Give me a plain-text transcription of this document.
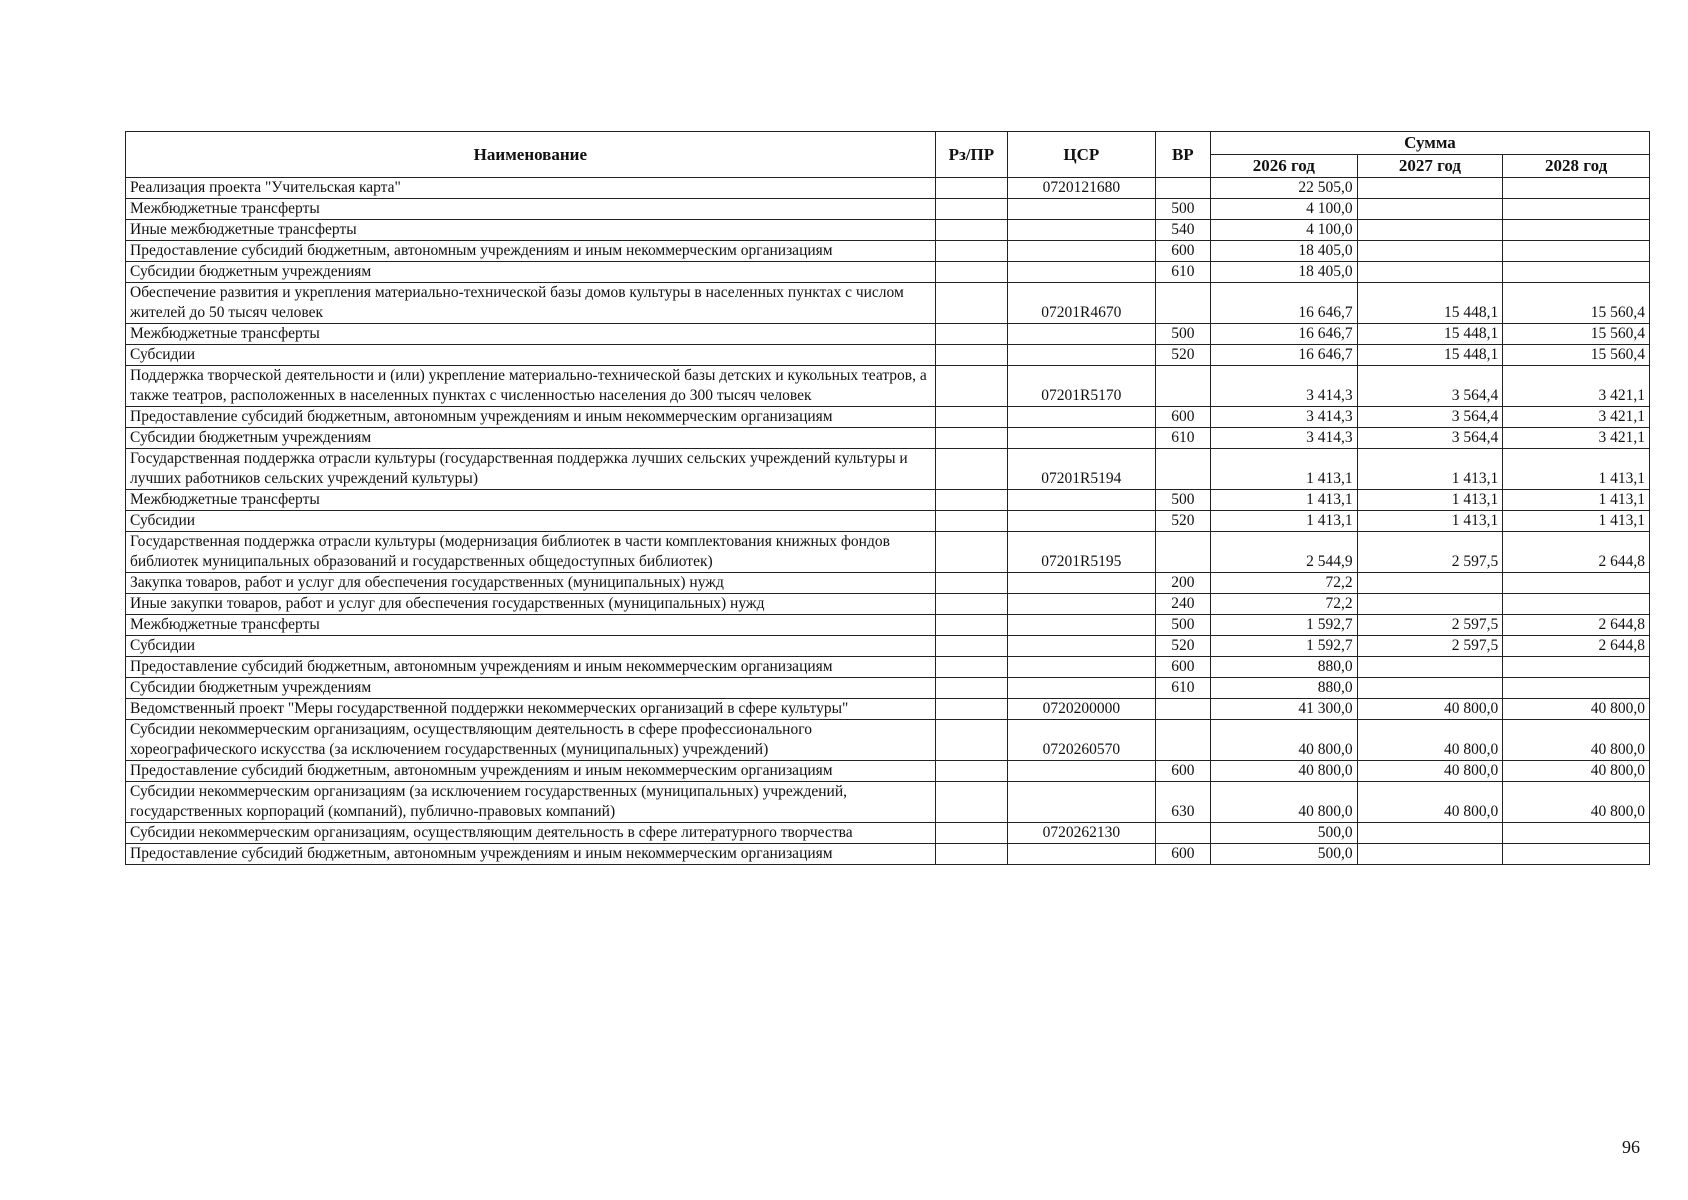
Наименование	Рз/ПР	ЦСР	ВР	Сумма		
				2026 год	2027 год	2028 год
Реализация проекта "Учительская карта"		0720121680		22 505,0		
Межбюджетные трансферты			500	4 100,0		
Иные межбюджетные трансферты			540	4 100,0		
Предоставление субсидий бюджетным, автономным учреждениям и иным некоммерческим организациям			600	18 405,0		
Субсидии бюджетным учреждениям			610	18 405,0		
Обеспечение развития и укрепления материально-технической базы домов культуры в населенных пунктах с числом жителей до 50 тысяч человек		07201R4670		16 646,7	15 448,1	15 560,4
Межбюджетные трансферты			500	16 646,7	15 448,1	15 560,4
Субсидии			520	16 646,7	15 448,1	15 560,4
Поддержка творческой деятельности и (или) укрепление материально-технической базы детских и кукольных театров, а также театров, расположенных в населенных пунктах с численностью населения до 300 тысяч человек		07201R5170		3 414,3	3 564,4	3 421,1
Предоставление субсидий бюджетным, автономным учреждениям и иным некоммерческим организациям			600	3 414,3	3 564,4	3 421,1
Субсидии бюджетным учреждениям			610	3 414,3	3 564,4	3 421,1
Государственная поддержка отрасли культуры (государственная поддержка лучших сельских учреждений культуры и лучших работников сельских учреждений культуры)		07201R5194		1 413,1	1 413,1	1 413,1
Межбюджетные трансферты			500	1 413,1	1 413,1	1 413,1
Субсидии			520	1 413,1	1 413,1	1 413,1
Государственная поддержка отрасли культуры (модернизация библиотек в части комплектования книжных фондов библиотек муниципальных образований и государственных общедоступных библиотек)		07201R5195		2 544,9	2 597,5	2 644,8
Закупка товаров, работ и услуг для обеспечения государственных (муниципальных) нужд			200	72,2		
Иные закупки товаров, работ и услуг для обеспечения государственных (муниципальных) нужд			240	72,2		
Межбюджетные трансферты			500	1 592,7	2 597,5	2 644,8
Субсидии			520	1 592,7	2 597,5	2 644,8
Предоставление субсидий бюджетным, автономным учреждениям и иным некоммерческим организациям			600	880,0		
Субсидии бюджетным учреждениям			610	880,0		
Ведомственный проект "Меры государственной поддержки некоммерческих организаций в сфере культуры"		0720200000		41 300,0	40 800,0	40 800,0
Субсидии некоммерческим организациям, осуществляющим деятельность в сфере профессионального хореографического искусства (за исключением государственных (муниципальных) учреждений)		0720260570		40 800,0	40 800,0	40 800,0
Предоставление субсидий бюджетным, автономным учреждениям и иным некоммерческим организациям			600	40 800,0	40 800,0	40 800,0
Субсидии некоммерческим организациям (за исключением государственных (муниципальных) учреждений, государственных корпораций (компаний), публично-правовых компаний)			630	40 800,0	40 800,0	40 800,0
Субсидии некоммерческим организациям, осуществляющим деятельность в сфере литературного творчества		0720262130		500,0		
Предоставление субсидий бюджетным, автономным учреждениям и иным некоммерческим организациям			600	500,0		
96
